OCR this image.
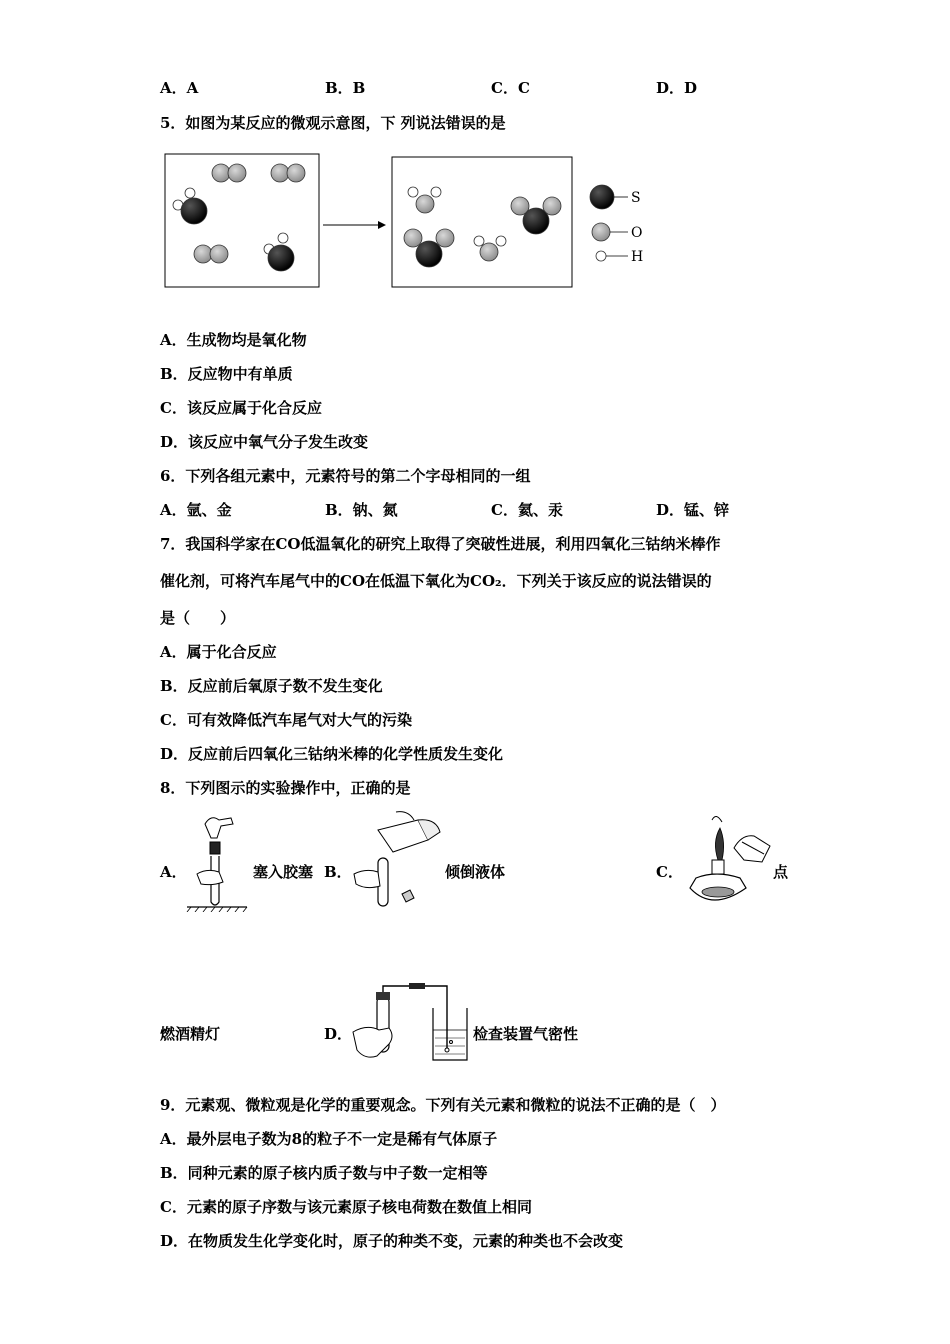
A．A	B．B	C．C	D．D
5．如图为某反应的微观示意图，下 列说法错误的是
S
O
H
A．生成物均是氧化物
B．反应物中有单质
C．该反应属于化合反应
D．该反应中氧气分子发生改变
6．下列各组元素中，元素符号的第二个字母相同的一组
A．氩、金	B．钠、氮	C．氦、汞	D．锰、锌
7．我国科学家在CO低温氧化的研究上取得了突破性进展，利用四氧化三钴纳米棒作
催化剂，可将汽车尾气中的CO在低温下氧化为CO₂．下列关于该反应的说法错误的
是（　　）
A．属于化合反应
B．反应前后氧原子数不发生变化
C．可有效降低汽车尾气对大气的污染
D．反应前后四氧化三钴纳米棒的化学性质发生变化
8．下列图示的实验操作中，正确的是
A．	塞入胶塞 B．	倾倒液体	C．	点
燃酒精灯	D．	检查装置气密性
9．元素观、微粒观是化学的重要观念。下列有关元素和微粒的说法不正确的是（　）
A．最外层电子数为8的粒子不一定是稀有气体原子
B．同种元素的原子核内质子数与中子数一定相等
C．元素的原子序数与该元素原子核电荷数在数值上相同
D．在物质发生化学变化时，原子的种类不变，元素的种类也不会改变
